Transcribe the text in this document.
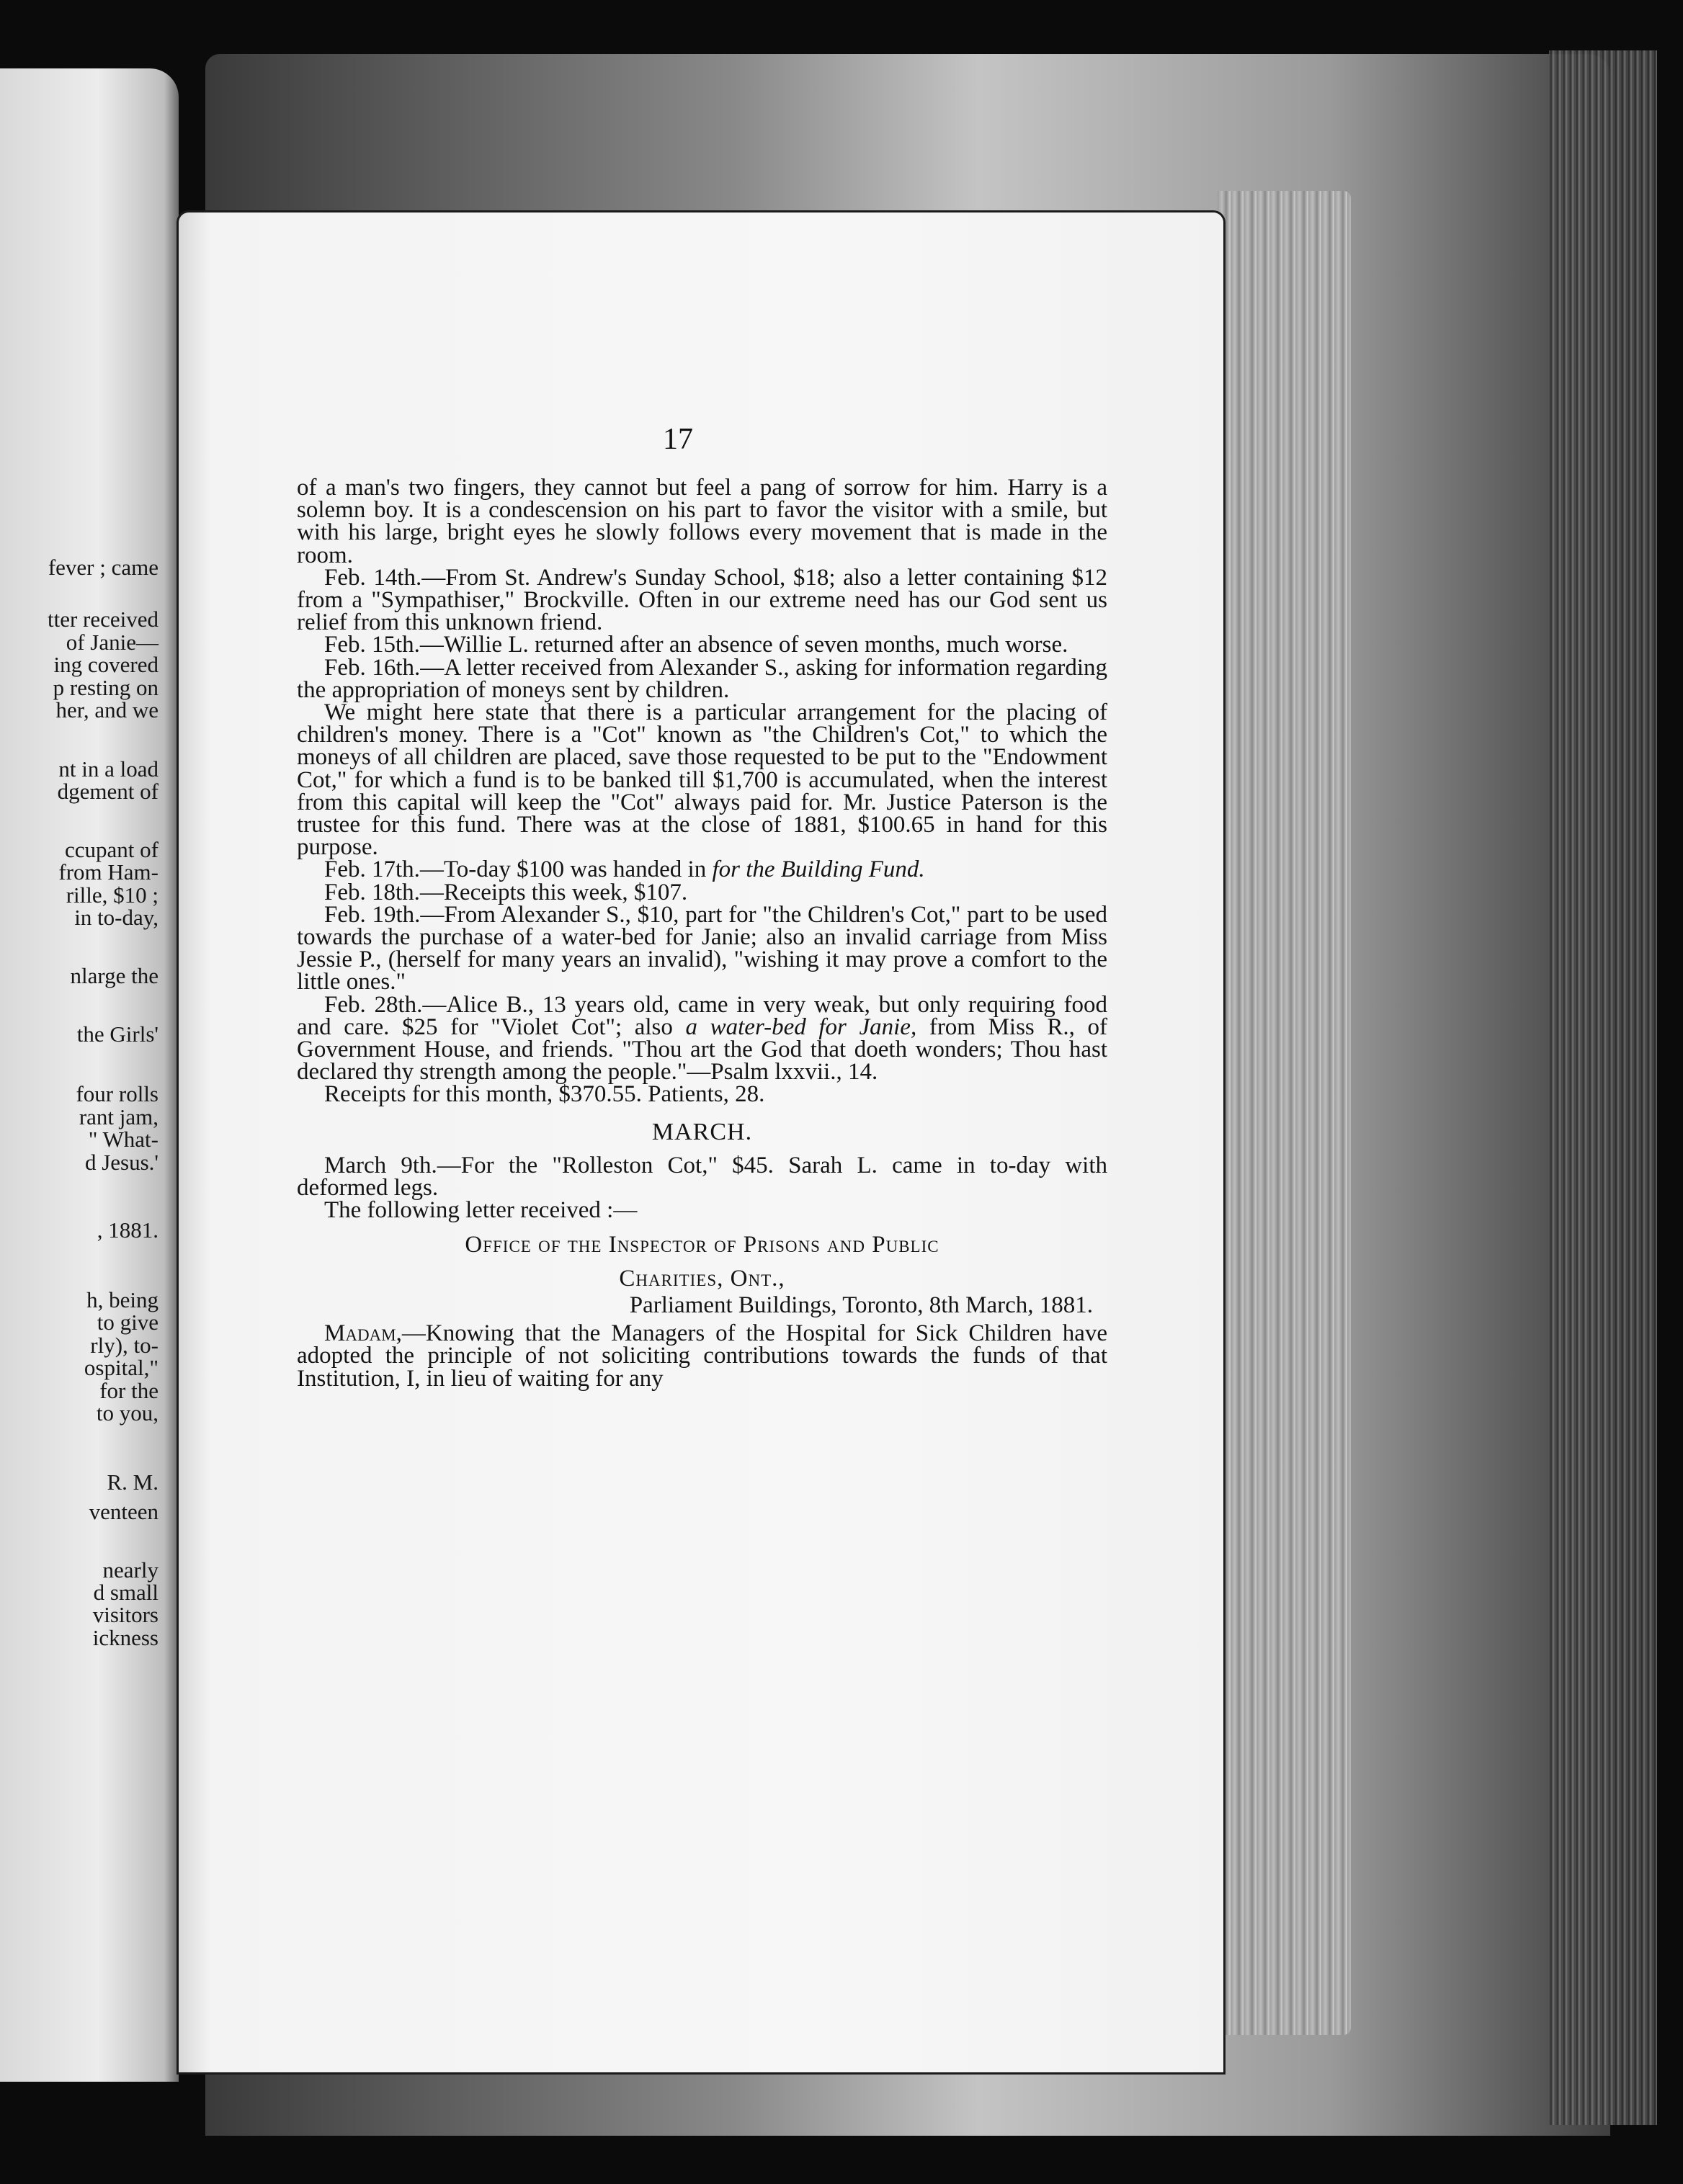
fever ; came
tter received
of Janie—
ing covered
p resting on
her, and we
nt in a load
dgement of
ccupant of
from Ham-
rille, $10 ;
in to-day,
nlarge the
the Girls'
four rolls
rant jam,
" What-
d Jesus.'
, 1881.
h, being
to give
rly), to-
ospital,"
for the
to you,
R. M.
venteen
nearly
d small
visitors
ickness
17

of a man's two fingers, they cannot but feel a pang of sorrow for him. Harry is a solemn boy. It is a condescension on his part to favor the visitor with a smile, but with his large, bright eyes he slowly follows every movement that is made in the room.

Feb. 14th.—From St. Andrew's Sunday School, $18; also a letter containing $12 from a "Sympathiser," Brockville. Often in our extreme need has our God sent us relief from this unknown friend.

Feb. 15th.—Willie L. returned after an absence of seven months, much worse.

Feb. 16th.—A letter received from Alexander S., asking for information regarding the appropriation of moneys sent by children.

We might here state that there is a particular arrangement for the placing of children's money. There is a "Cot" known as "the Children's Cot," to which the moneys of all children are placed, save those requested to be put to the "Endowment Cot," for which a fund is to be banked till $1,700 is accumulated, when the interest from this capital will keep the "Cot" always paid for. Mr. Justice Paterson is the trustee for this fund. There was at the close of 1881, $100.65 in hand for this purpose.

Feb. 17th.—To-day $100 was handed in for the Building Fund.

Feb. 18th.—Receipts this week, $107.

Feb. 19th.—From Alexander S., $10, part for "the Children's Cot," part to be used towards the purchase of a water-bed for Janie; also an invalid carriage from Miss Jessie P., (herself for many years an invalid), "wishing it may prove a comfort to the little ones."

Feb. 28th.—Alice B., 13 years old, came in very weak, but only requiring food and care. $25 for "Violet Cot"; also a water-bed for Janie, from Miss R., of Government House, and friends. "Thou art the God that doeth wonders; Thou hast declared thy strength among the people."—Psalm lxxvii., 14.

Receipts for this month, $370.55. Patients, 28.

MARCH.

March 9th.—For the "Rolleston Cot," $45. Sarah L. came in to-day with deformed legs.

The following letter received :—

Office of the Inspector of Prisons and Public

Charities, Ont.,

Parliament Buildings, Toronto, 8th March, 1881.

Madam,—Knowing that the Managers of the Hospital for Sick Children have adopted the principle of not soliciting contributions towards the funds of that Institution, I, in lieu of waiting for any
